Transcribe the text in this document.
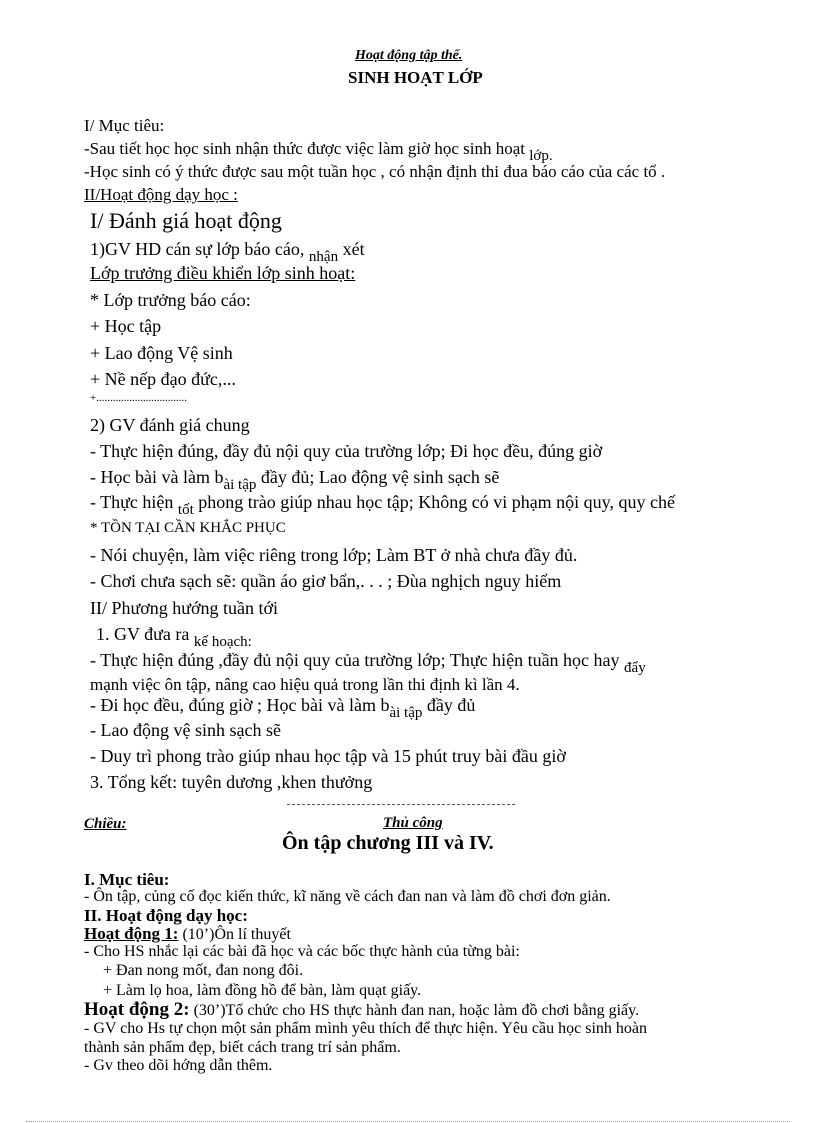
Hoạt động tập thể.
SINH HOẠT LỚP
I/ Mục tiêu:
-Sau tiết học học sinh nhận thức được việc làm giờ học sinh hoạt lớp.
-Học sinh có ý thức được sau một tuần học , có nhận định thi đua báo cáo của các tổ .
II/Hoạt động dạy học :
I/ Đánh giá hoạt động
1)GV HD cán sự lớp báo cáo, $_{nhận}$ xét
Lớp trưởng điều khiển lớp sinh hoạt:
* Lớp trưởng báo cáo:
+ Học tập
+ Lao động Vệ sinh
+ Nề nếp đạo đức,...
+.................................
2) GV đánh giá chung
- Thực hiện đúng, đầy đủ nội quy của trường lớp; Đi học đều, đúng giờ
- Học bài và làm $b_{ài tập}$ đầy đủ; Lao động vệ sinh sạch sẽ
- Thực hiện $_{tốt}$ phong trào giúp nhau học tập; Không có vi phạm nội quy, quy chế
* TỒN TẠI CẦN KHẮC PHỤC
- Nói chuyện, làm việc riêng trong lớp; Làm BT ở nhà chưa đầy đủ.
- Chơi chưa sạch sẽ: quần áo giơ bẩn,. . . ; Đùa nghịch nguy hiểm
II/ Phương hướng tuần tới
1. GV đưa ra $_{kế hoạch:}$
- Thực hiện đúng ,đầy đủ nội quy của trường lớp; Thực hiện tuần học hay $_{đẩy}$
mạnh việc ôn tập, nâng cao hiệu quả trong lần thi định kì lần 4.
- Đi học đều, đúng giờ ; Học bài và làm $b_{ài tập}$ đầy đủ
- Lao động vệ sinh sạch sẽ
- Duy trì phong trào giúp nhau học tập và 15 phút truy bài đầu giờ
3. Tổng kết: tuyên dương ,khen thưởng
Chiều:	Thủ công
Ôn tập chương III và IV.
I. Mục tiêu:
- Ôn tập, củng cố đọc kiến thức, kĩ năng về cách đan nan và làm đồ chơi đơn giản.
II. Hoạt động dạy học:
Hoạt động 1: (10’)Ôn lí thuyết
- Cho HS nhắc lại các bài đã học và các bốc thực hành của từng bài:
+ Đan nong mốt, đan nong đôi.
+ Làm lọ hoa, làm đồng hồ để bàn, làm quạt giấy.
Hoạt động 2: (30’)Tổ chức cho HS thực hành đan nan, hoặc làm đồ chơi bằng giấy.
- GV cho Hs tự chọn một sản phẩm mình yêu thích để thực hiện. Yêu cầu học sinh hoàn
thành sản phẩm đẹp, biết cách trang trí sản phẩm.
- Gv theo dõi hớng dẫn thêm.
